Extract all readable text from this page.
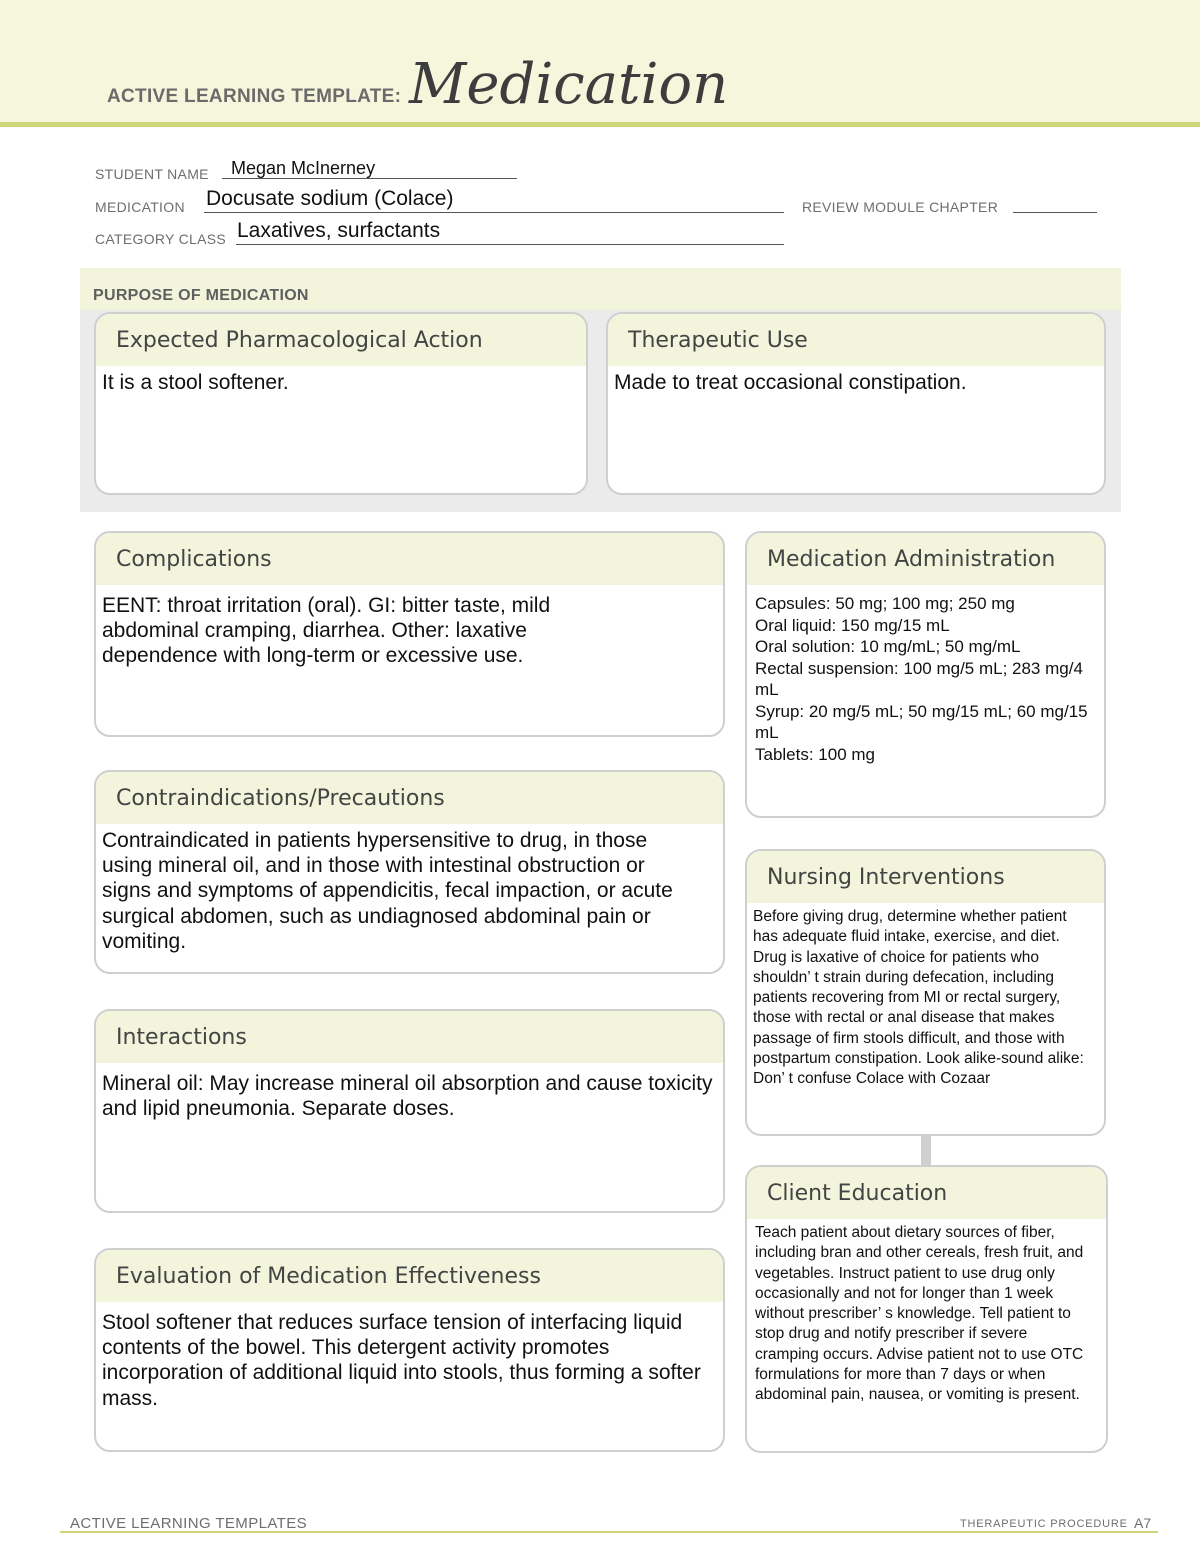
ACTIVE LEARNING TEMPLATE: Medication
STUDENT NAME Megan McInerney
MEDICATION Docusate sodium (Colace)	REVIEW MODULE CHAPTER
CATEGORY CLASS Laxatives, surfactants
PURPOSE OF MEDICATION
Expected Pharmacological Action
It is a stool softener.
Therapeutic Use
Made to treat occasional constipation.
Complications
EENT: throat irritation (oral). GI: bitter taste, mild abdominal cramping, diarrhea. Other: laxative dependence with long-term or excessive use.
Contraindications/Precautions
Contraindicated in patients hypersensitive to drug, in those using mineral oil, and in those with intestinal obstruction or signs and symptoms of appendicitis, fecal impaction, or acute surgical abdomen, such as undiagnosed abdominal pain or vomiting.
Interactions
Mineral oil: May increase mineral oil absorption and cause toxicity and lipid pneumonia. Separate doses.
Evaluation of Medication Effectiveness
Stool softener that reduces surface tension of interfacing liquid contents of the bowel. This detergent activity promotes incorporation of additional liquid into stools, thus forming a softer mass.
Medication Administration
Capsules: 50 mg; 100 mg; 250 mg
Oral liquid: 150 mg/15 mL
Oral solution: 10 mg/mL; 50 mg/mL
Rectal suspension: 100 mg/5 mL; 283 mg/4 mL
Syrup: 20 mg/5 mL; 50 mg/15 mL; 60 mg/15 mL
Tablets: 100 mg
Nursing Interventions
Before giving drug, determine whether patient has adequate fluid intake, exercise, and diet. Drug is laxative of choice for patients who shouldn’ t strain during defecation, including patients recovering from MI or rectal surgery, those with rectal or anal disease that makes passage of firm stools difficult, and those with postpartum constipation. Look alike-sound alike: Don’ t confuse Colace with Cozaar
Client Education
Teach patient about dietary sources of fiber, including bran and other cereals, fresh fruit, and vegetables. Instruct patient to use drug only occasionally and not for longer than 1 week without prescriber’ s knowledge. Tell patient to stop drug and notify prescriber if severe cramping occurs. Advise patient not to use OTC formulations for more than 7 days or when abdominal pain, nausea, or vomiting is present.
ACTIVE LEARNING TEMPLATES	THERAPEUTIC PROCEDURE A7
